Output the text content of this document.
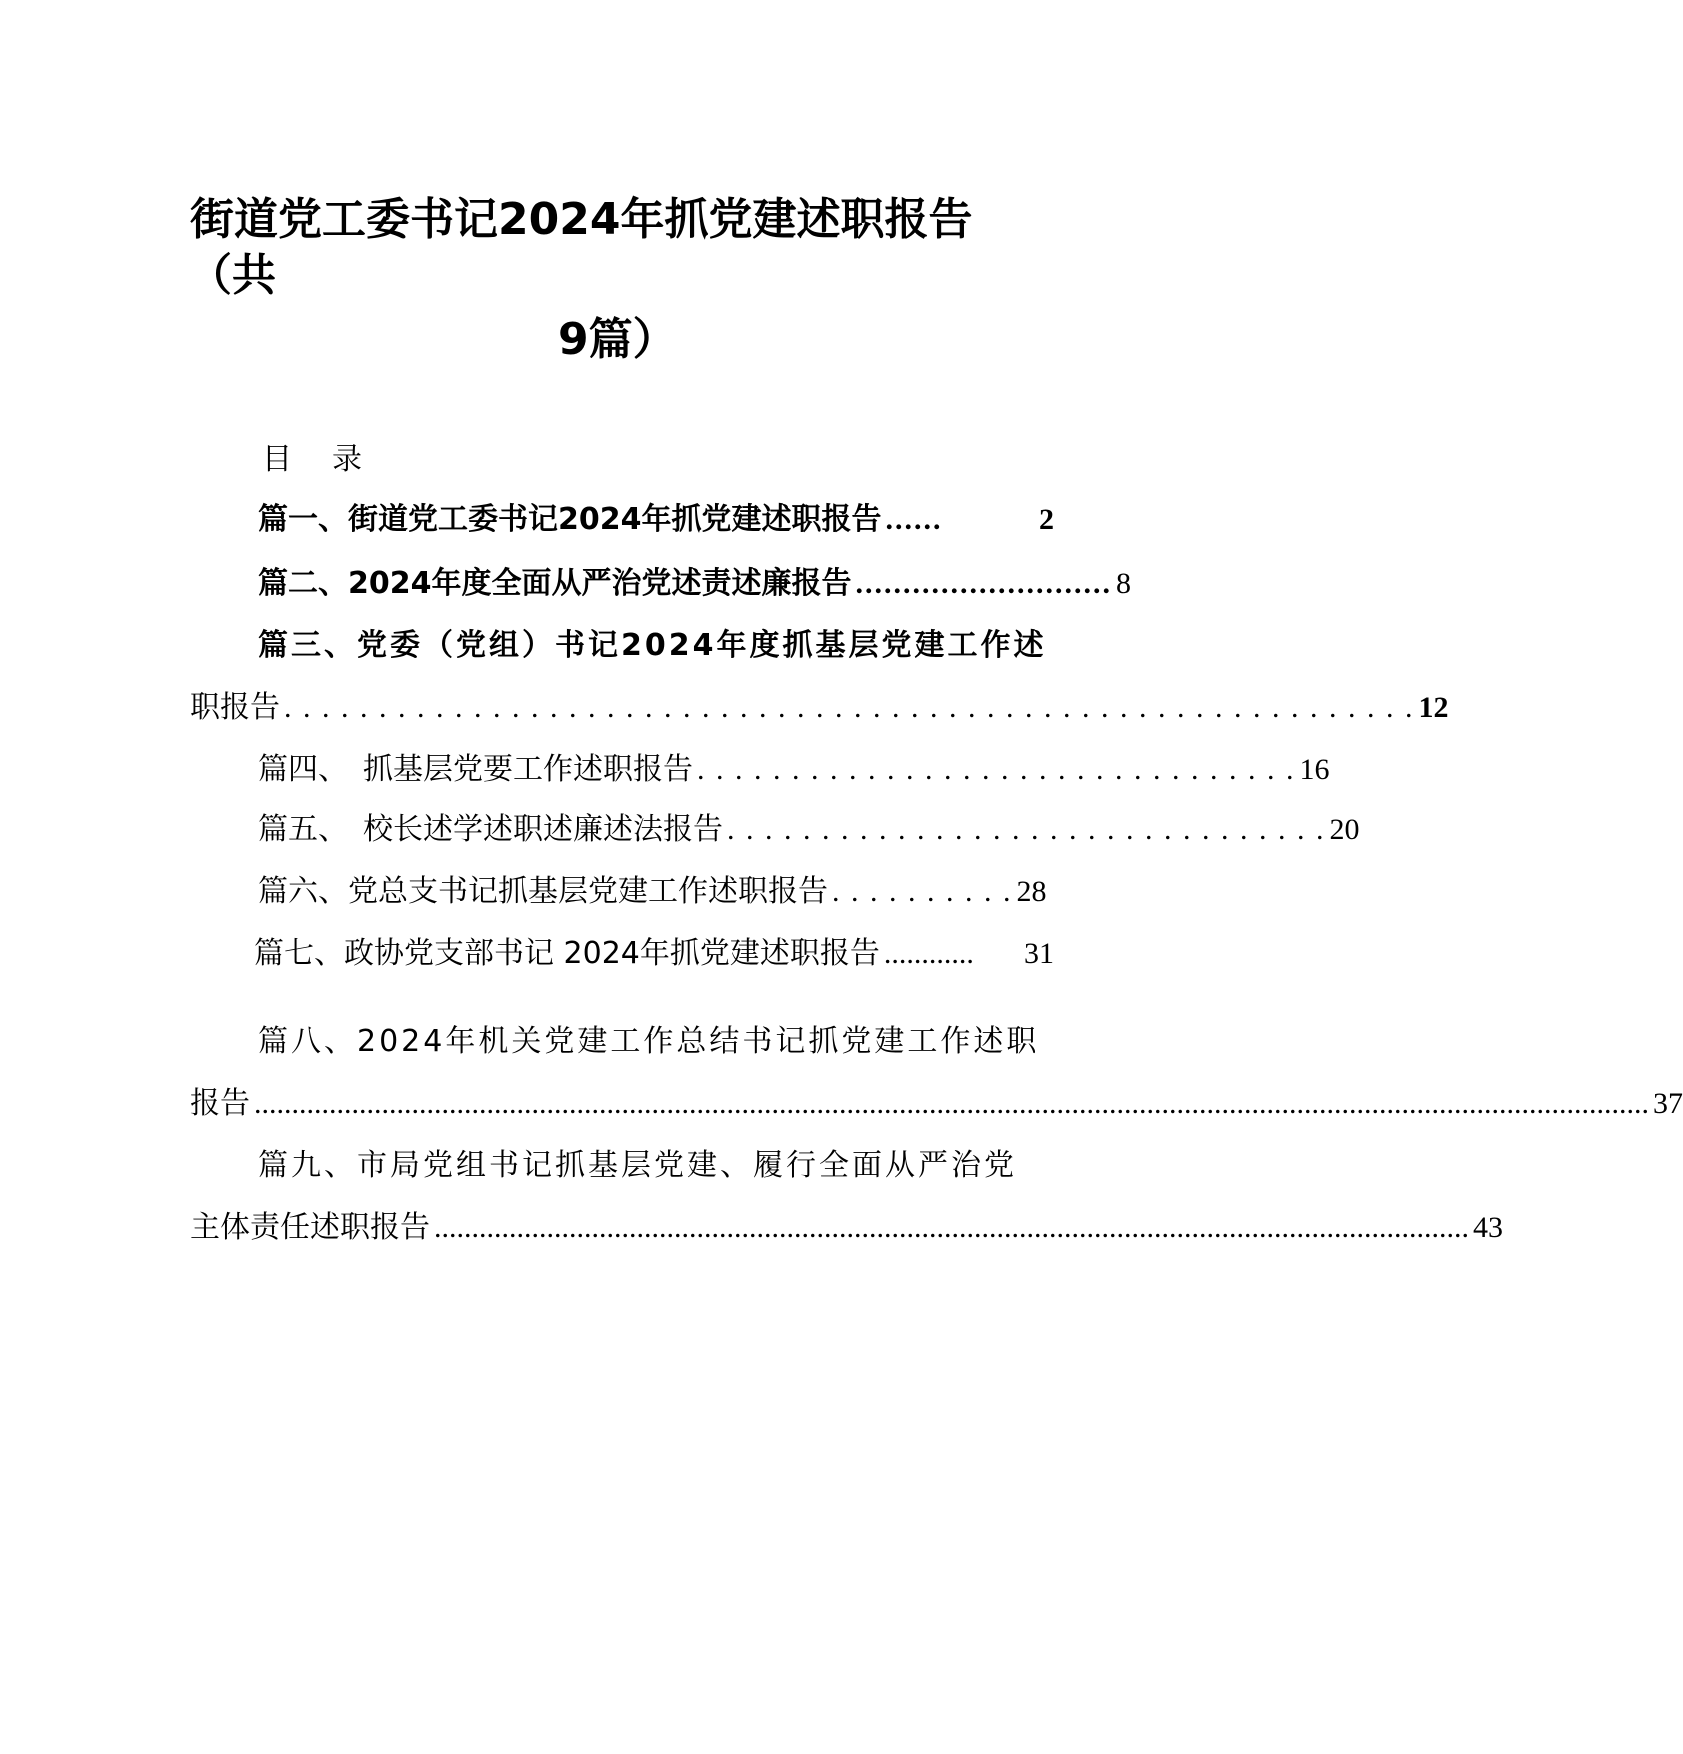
街道党工委书记2024年抓党建述职报告
（共
9篇）
目 录
篇一、街道党工委书记2024年抓党建述职报告 ......	2
篇二、2024年度全面从严治党述责述廉报告 ........................... 8
篇三、党委（党组）书记2024年度抓基层党建工作述
职报告 . . . . . . . . . . . . . . . . . . . . . . . . . . . . . . . . . . . . . . . . . . . . . . . . . . . . . . . . . . . . 12
篇四、　抓基层党要工作述职报告 . . . . . . . . . . . . . . . . . . . . . . . . . . . . . . . . 16
篇五、　校长述学述职述廉述法报告 . . . . . . . . . . . . . . . . . . . . . . . . . . . . . . . . 20
篇六、党总支书记抓基层党建工作述职报告 . . . . . . . . . . 28
篇七、政协党支部书记 2024年抓党建述职报告 ............	31
篇八、2024年机关党建工作总结书记抓党建工作述职
报告 .......................................................................................................................................................................................... 37
篇九、市局党组书记抓基层党建、履行全面从严治党
主体责任述职报告 .......................................................................................................................................... 43
